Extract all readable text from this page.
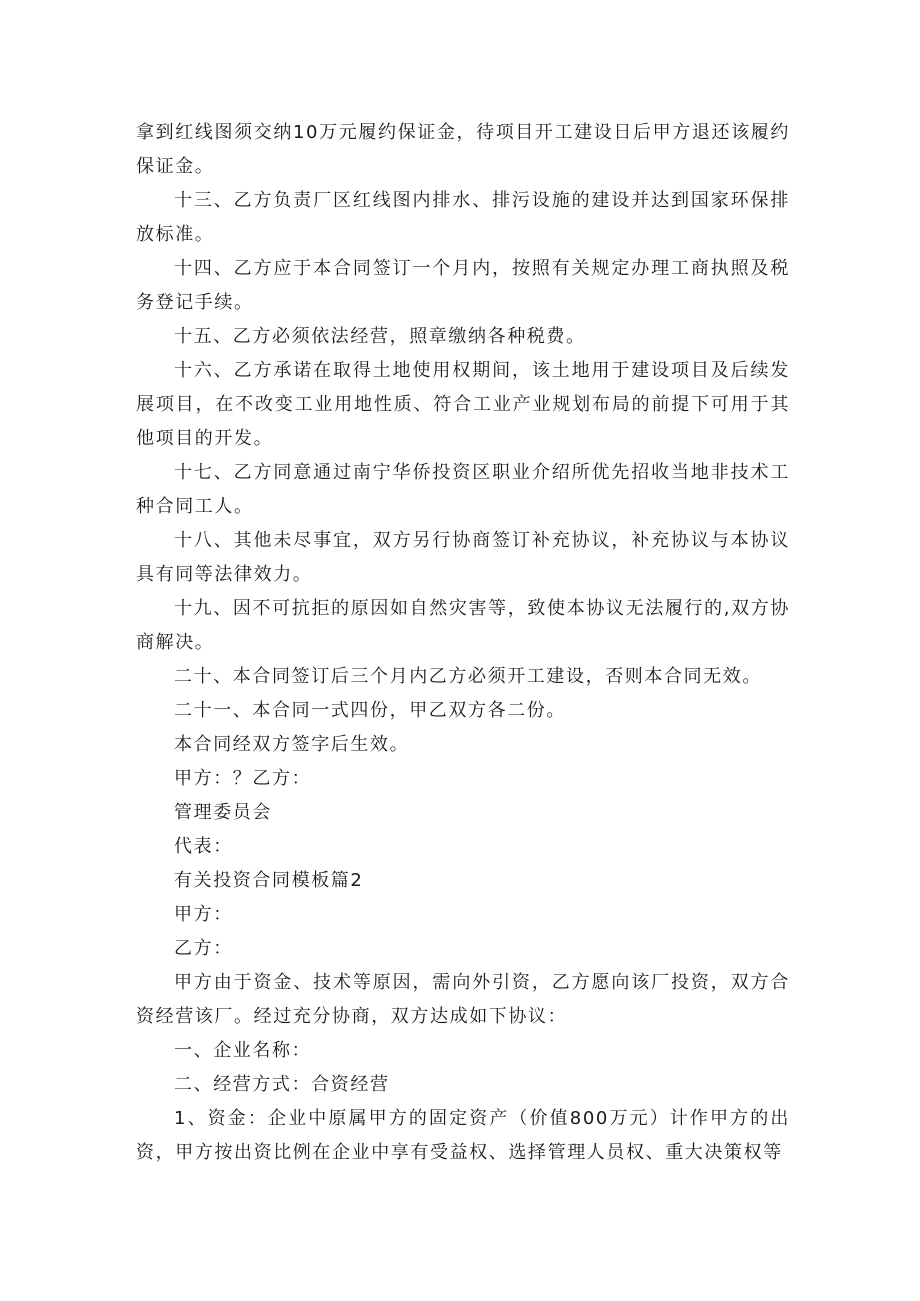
拿到红线图须交纳10万元履约保证金，待项目开工建设日后甲方退还该履约保证金。

十三、乙方负责厂区红线图内排水、排污设施的建设并达到国家环保排放标准。

十四、乙方应于本合同签订一个月内，按照有关规定办理工商执照及税务登记手续。

十五、乙方必须依法经营，照章缴纳各种税费。

十六、乙方承诺在取得土地使用权期间，该土地用于建设项目及后续发展项目，在不改变工业用地性质、符合工业产业规划布局的前提下可用于其他项目的开发。

十七、乙方同意通过南宁华侨投资区职业介绍所优先招收当地非技术工种合同工人。

十八、其他未尽事宜，双方另行协商签订补充协议，补充协议与本协议具有同等法律效力。

十九、因不可抗拒的原因如自然灾害等，致使本协议无法履行的,双方协商解决。

二十、本合同签订后三个月内乙方必须开工建设，否则本合同无效。

二十一、本合同一式四份，甲乙双方各二份。

本合同经双方签字后生效。

甲方：？乙方：

管理委员会

代表：

有关投资合同模板篇2

甲方：

乙方：

甲方由于资金、技术等原因，需向外引资，乙方愿向该厂投资，双方合资经营该厂。经过充分协商，双方达成如下协议：

一、企业名称：

二、经营方式：合资经营

1、资金：企业中原属甲方的固定资产（价值800万元）计作甲方的出资，甲方按出资比例在企业中享有受益权、选择管理人员权、重大决策权等
